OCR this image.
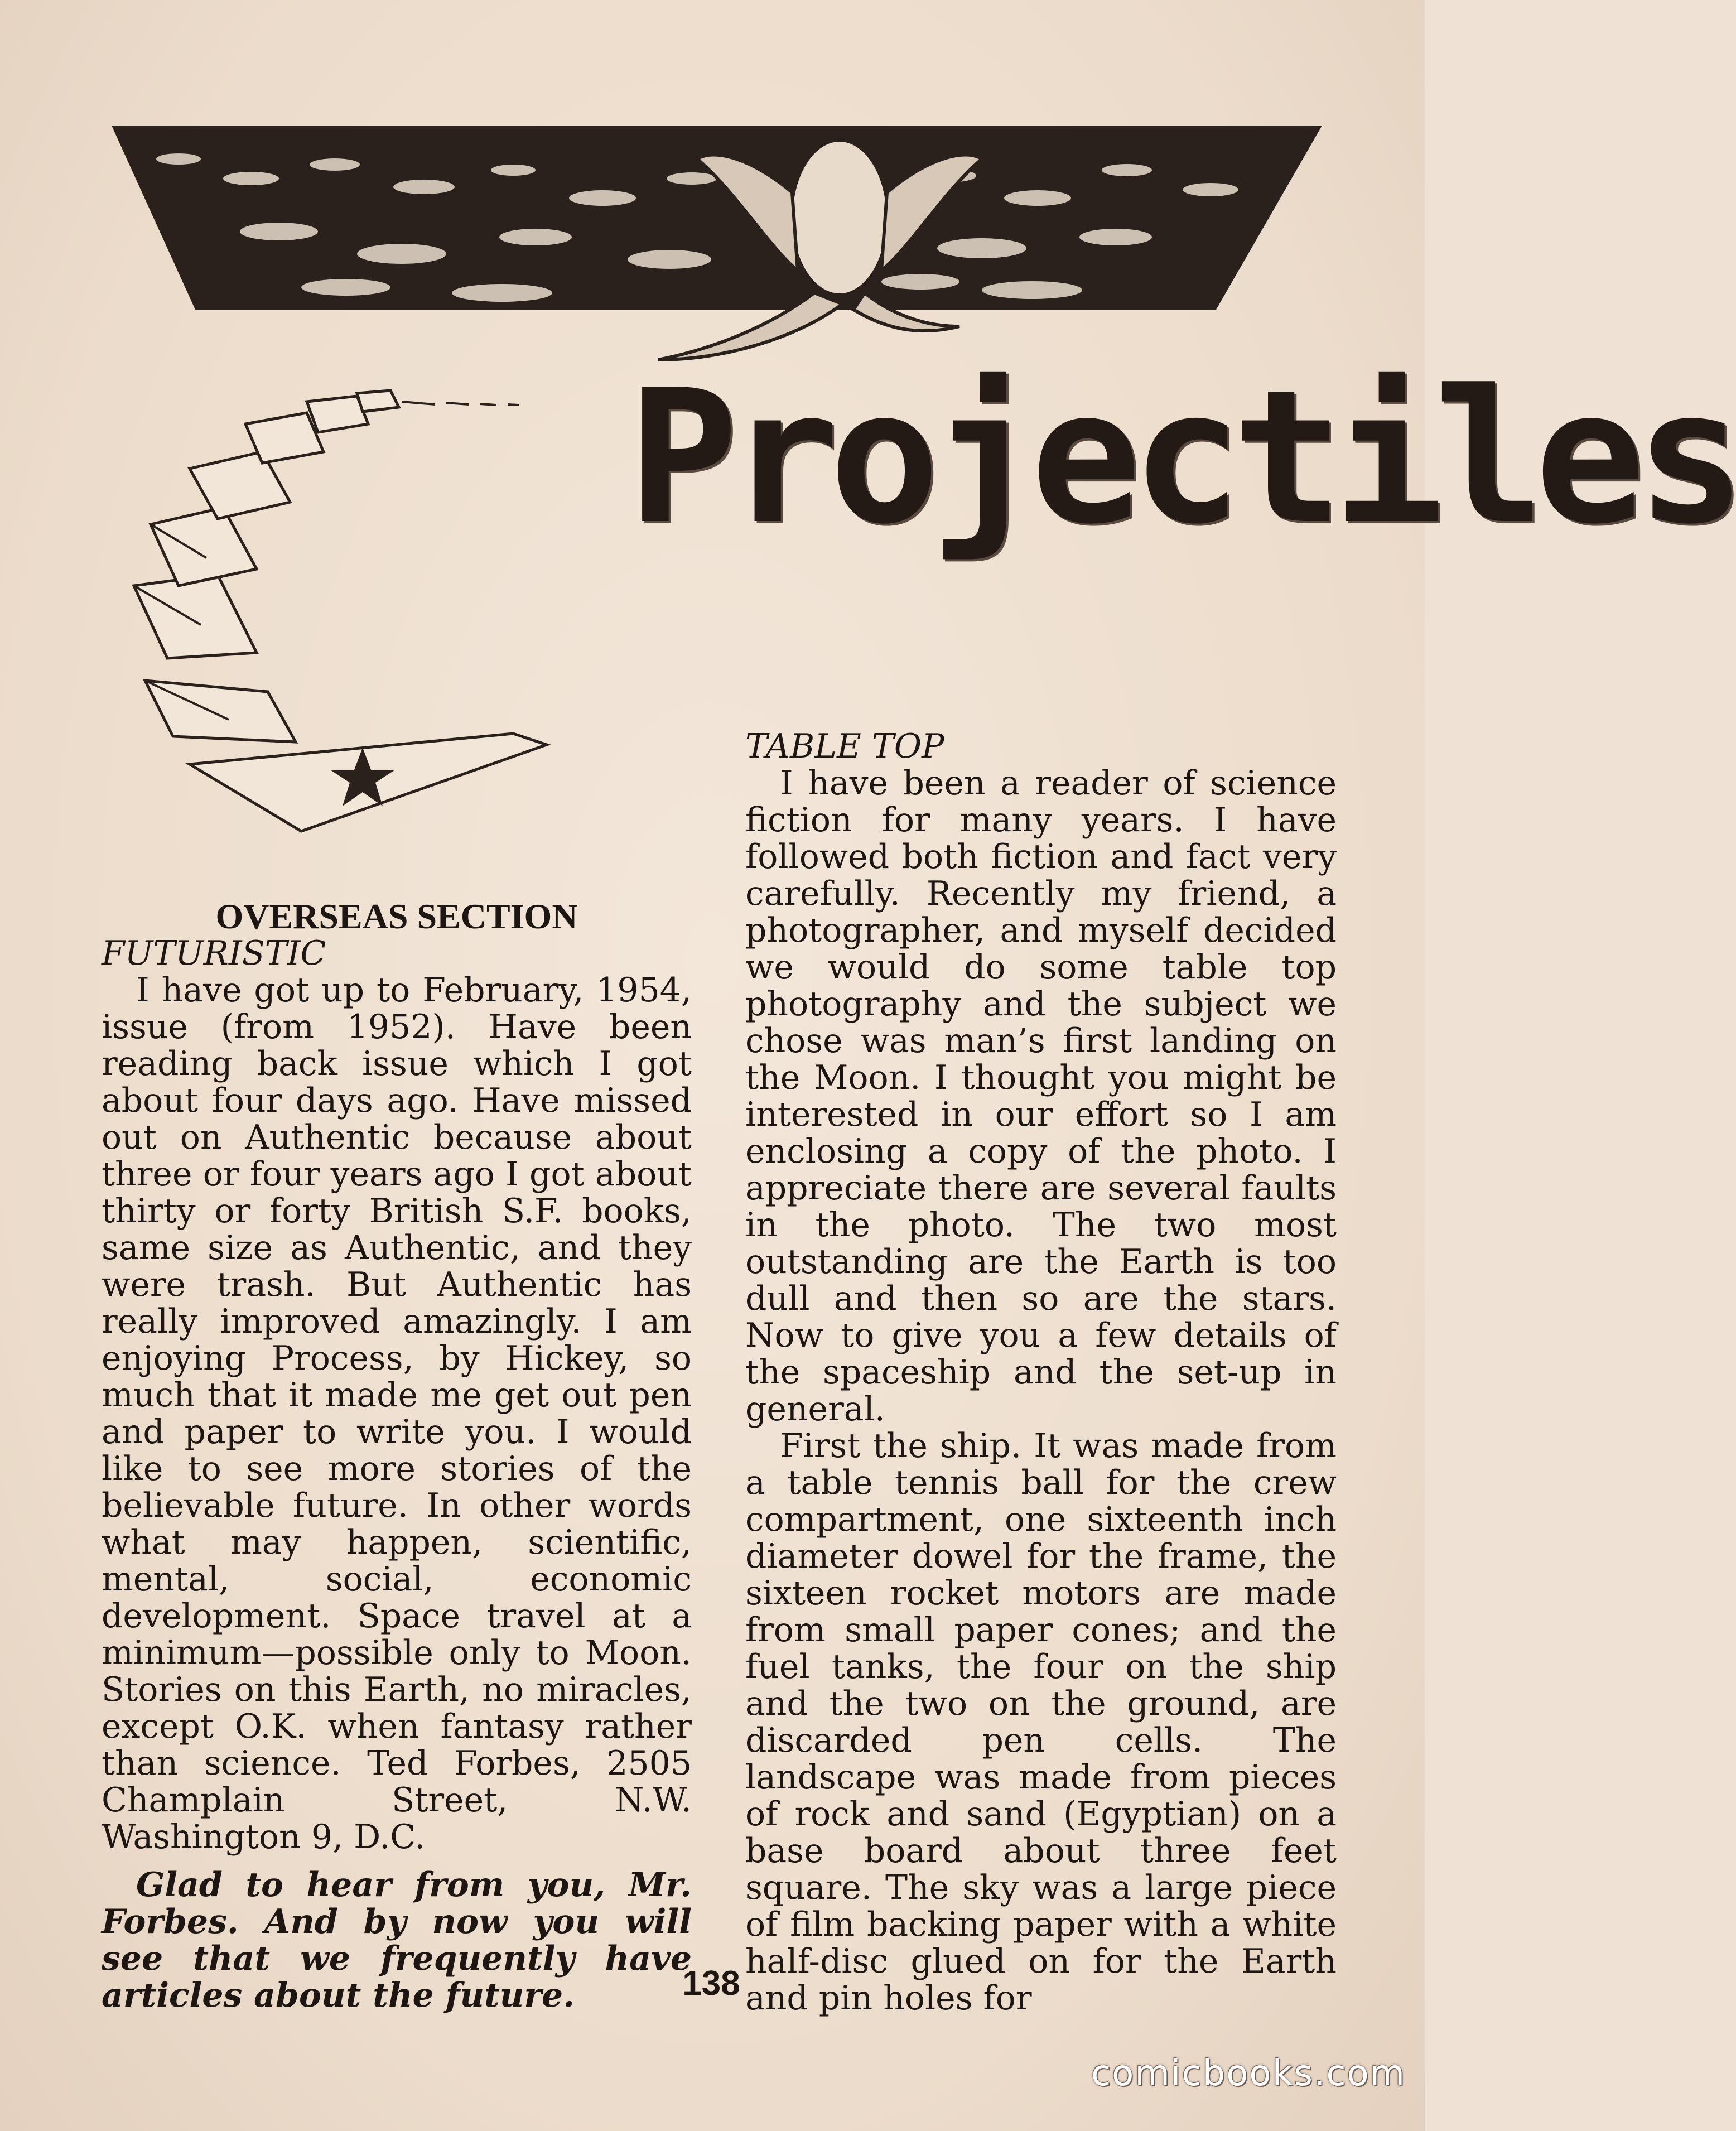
Projectiles

OVERSEAS SECTION

FUTURISTIC

I have got up to February, 1954, issue (from 1952). Have been reading back issue which I got about four days ago. Have missed out on Authentic because about three or four years ago I got about thirty or forty British S.F. books, same size as Authentic, and they were trash. But Authentic has really improved amazingly. I am enjoying Process, by Hickey, so much that it made me get out pen and paper to write you. I would like to see more stories of the believable future. In other words what may happen, scientific, mental, social, economic development. Space travel at a minimum—possible only to Moon. Stories on this Earth, no miracles, except O.K. when fantasy rather than science. Ted Forbes, 2505 Champlain Street, N.W. Washington 9, D.C.

Glad to hear from you, Mr. Forbes. And by now you will see that we frequently have articles about the future.

TABLE TOP

I have been a reader of science fiction for many years. I have followed both fiction and fact very carefully. Recently my friend, a photographer, and myself decided we would do some table top photography and the subject we chose was man’s first landing on the Moon. I thought you might be interested in our effort so I am enclosing a copy of the photo. I appreciate there are several faults in the photo. The two most outstanding are the Earth is too dull and then so are the stars. Now to give you a few details of the spaceship and the set-up in general.

First the ship. It was made from a table tennis ball for the crew compartment, one sixteenth inch diameter dowel for the frame, the sixteen rocket motors are made from small paper cones; and the fuel tanks, the four on the ship and the two on the ground, are discarded pen cells. The landscape was made from pieces of rock and sand (Egyptian) on a base board about three feet square. The sky was a large piece of film backing paper with a white half-disc glued on for the Earth and pin holes for

138
comicbooks.com
